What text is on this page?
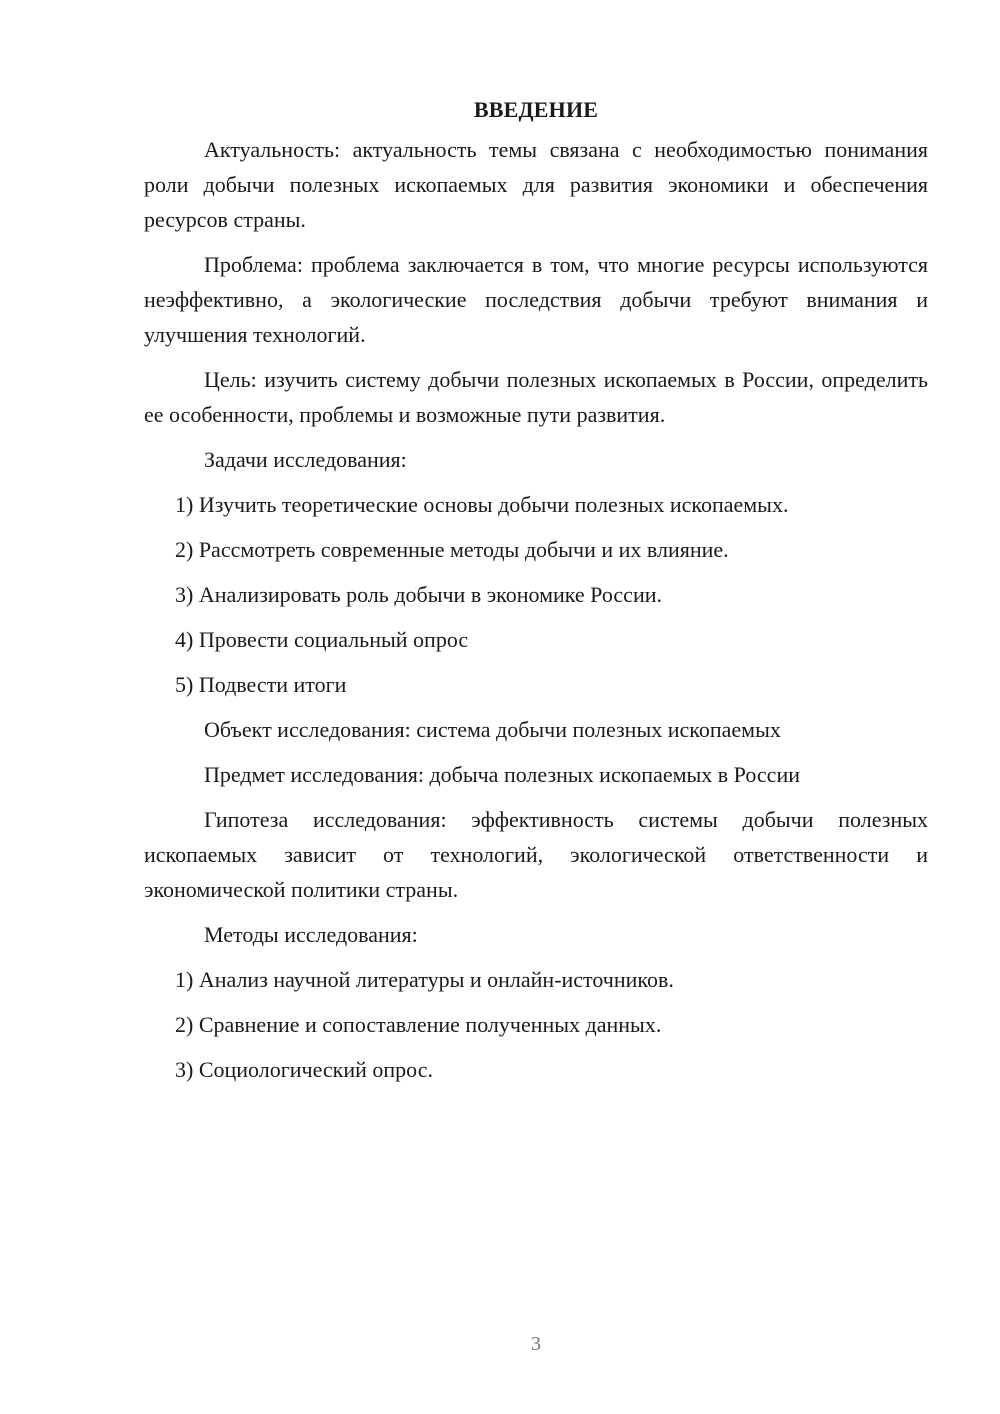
ВВЕДЕНИЕ

Актуальность: актуальность темы связана с необходимостью понимания роли добычи полезных ископаемых для развития экономики и обеспечения ресурсов страны.

Проблема: проблема заключается в том, что многие ресурсы используются неэффективно, а экологические последствия добычи требуют внимания и улучшения технологий.

Цель: изучить систему добычи полезных ископаемых в России, определить ее особенности, проблемы и возможные пути развития.

Задачи исследования:
1) Изучить теоретические основы добычи полезных ископаемых.
2) Рассмотреть современные методы добычи и их влияние.
3) Анализировать роль добычи в экономике России.
4) Провести социальный опрос
5) Подвести итоги
Объект исследования: система добычи полезных ископаемых
Предмет исследования: добыча полезных ископаемых в России

Гипотеза исследования: эффективность системы добычи полезных ископаемых зависит от технологий, экологической ответственности и экономической политики страны.

Методы исследования:
1) Анализ научной литературы и онлайн-источников.
2) Сравнение и сопоставление полученных данных.
3) Социологический опрос.
3
